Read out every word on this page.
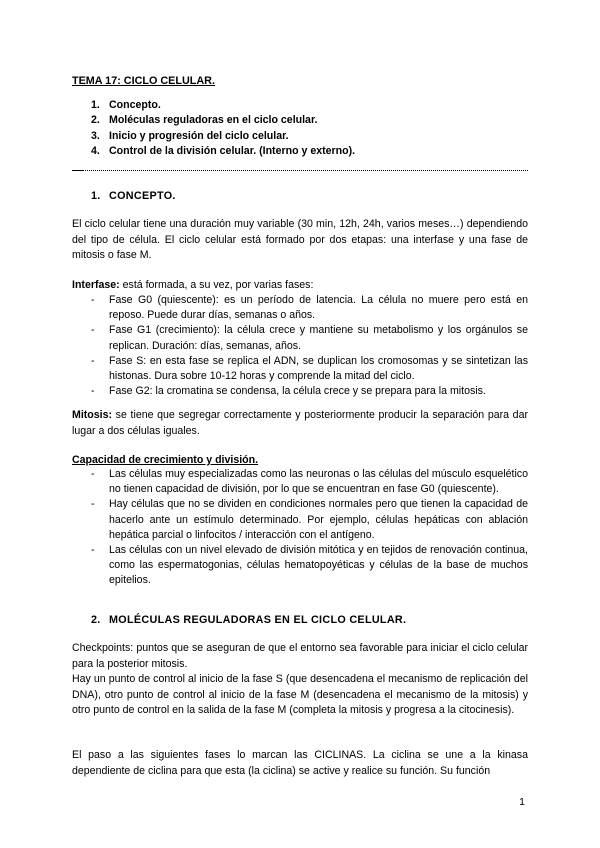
TEMA 17: CICLO CELULAR.
1. Concepto.
2. Moléculas reguladoras en el ciclo celular.
3. Inicio y progresión del ciclo celular.
4. Control de la división celular. (Interno y externo).
1. CONCEPTO.
El ciclo celular tiene una duración muy variable (30 min, 12h, 24h, varios meses…) dependiendo del tipo de célula. El ciclo celular está formado por dos etapas: una interfase y una fase de mitosis o fase M.
Interfase: está formada, a su vez, por varias fases:
- Fase G0 (quiescente): es un período de latencia. La célula no muere pero está en reposo. Puede durar días, semanas o años.
- Fase G1 (crecimiento): la célula crece y mantiene su metabolismo y los orgánulos se replican. Duración: días, semanas, años.
- Fase S: en esta fase se replica el ADN, se duplican los cromosomas y se sintetizan las histonas. Dura sobre 10-12 horas y comprende la mitad del ciclo.
- Fase G2: la cromatina se condensa, la célula crece y se prepara para la mitosis.
Mitosis: se tiene que segregar correctamente y posteriormente producir la separación para dar lugar a dos células iguales.
Capacidad de crecimiento y división.
- Las células muy especializadas como las neuronas o las células del músculo esquelético no tienen capacidad de división, por lo que se encuentran en fase G0 (quiescente).
- Hay células que no se dividen en condiciones normales pero que tienen la capacidad de hacerlo ante un estímulo determinado. Por ejemplo, células hepáticas con ablación hepática parcial o linfocitos / interacción con el antígeno.
- Las células con un nivel elevado de división mitótica y en tejidos de renovación continua, como las espermatogonias, células hematopoyéticas y células de la base de muchos epitelios.
2. MOLÉCULAS REGULADORAS EN EL CICLO CELULAR.
Checkpoints: puntos que se aseguran de que el entorno sea favorable para iniciar el ciclo celular para la posterior mitosis.
Hay un punto de control al inicio de la fase S (que desencadena el mecanismo de replicación del DNA), otro punto de control al inicio de la fase M (desencadena el mecanismo de la mitosis) y otro punto de control en la salida de la fase M (completa la mitosis y progresa a la citocinesis).
El paso a las siguientes fases lo marcan las CICLINAS. La ciclina se une a la kinasa dependiente de ciclina para que esta (la ciclina) se active y realice su función. Su función
1
